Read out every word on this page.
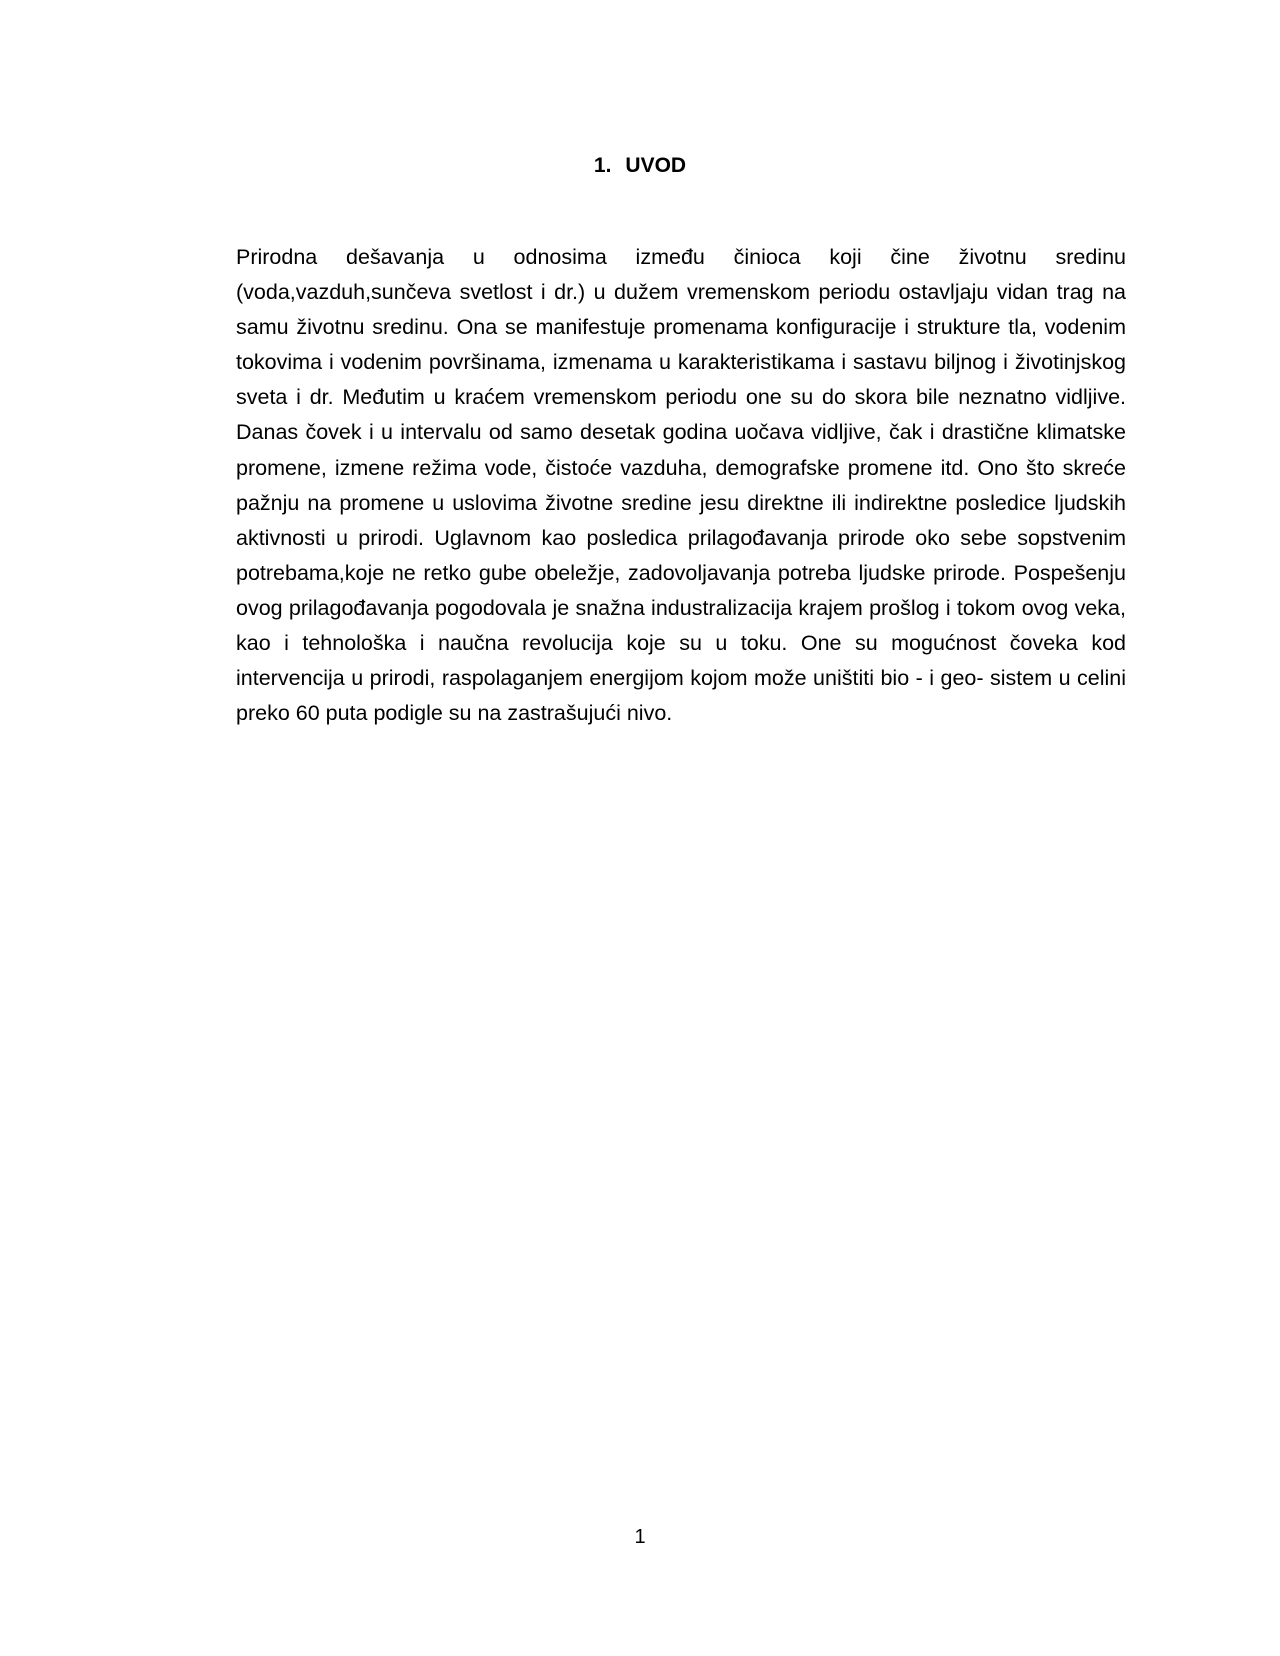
1. UVOD

Prirodna dešavanja u odnosima između činioca koji čine životnu sredinu (voda,vazduh,sunčeva svetlost i dr.) u dužem vremenskom periodu ostavljaju vidan trag na samu životnu sredinu. Ona se manifestuje promenama konfiguracije i strukture tla, vodenim tokovima i vodenim površinama, izmenama u karakteristikama i sastavu biljnog i životinjskog sveta i dr. Međutim u kraćem vremenskom periodu one su do skora bile neznatno vidljive. Danas čovek i u intervalu od samo desetak godina uočava vidljive, čak i drastične klimatske promene, izmene režima vode, čistoće vazduha, demografske promene itd. Ono što skreće pažnju na promene u uslovima životne sredine jesu direktne ili indirektne posledice ljudskih aktivnosti u prirodi. Uglavnom kao posledica prilagođavanja prirode oko sebe sopstvenim potrebama,koje ne retko gube obeležje, zadovoljavanja potreba ljudske prirode. Pospešenju ovog prilagođavanja pogodovala je snažna industralizacija krajem prošlog i tokom ovog veka, kao i tehnološka i naučna revolucija koje su u toku. One su mogućnost čoveka kod intervencija u prirodi, raspolaganjem energijom kojom može uništiti bio - i geo- sistem u celini preko 60 puta podigle su na zastrašujući nivo.

1
